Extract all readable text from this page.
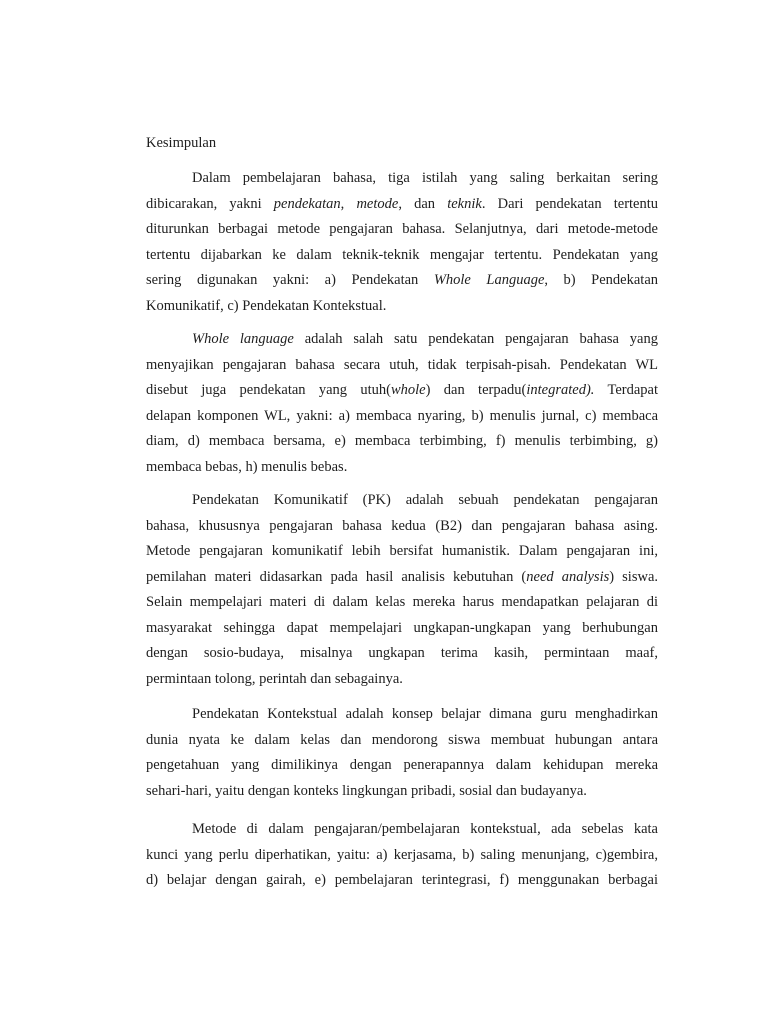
Kesimpulan
Dalam pembelajaran bahasa, tiga istilah yang saling berkaitan sering
dibicarakan, yakni pendekatan, metode, dan teknik. Dari pendekatan tertentu
diturunkan berbagai metode pengajaran bahasa. Selanjutnya, dari metode-metode
tertentu dijabarkan ke dalam teknik-teknik mengajar tertentu. Pendekatan yang
sering digunakan yakni: a) Pendekatan Whole Language, b) Pendekatan
Komunikatif, c) Pendekatan Kontekstual.
Whole language adalah salah satu pendekatan pengajaran bahasa yang
menyajikan pengajaran bahasa secara utuh, tidak terpisah-pisah. Pendekatan WL
disebut juga pendekatan yang utuh(whole) dan terpadu(integrated). Terdapat
delapan komponen WL, yakni: a) membaca nyaring, b) menulis jurnal, c) membaca
diam, d) membaca bersama, e) membaca terbimbing, f) menulis terbimbing, g)
membaca bebas, h) menulis bebas.
Pendekatan Komunikatif (PK) adalah sebuah pendekatan pengajaran
bahasa, khususnya pengajaran bahasa kedua (B2) dan pengajaran bahasa asing.
Metode pengajaran komunikatif lebih bersifat humanistik. Dalam pengajaran ini,
pemilahan materi didasarkan pada hasil analisis kebutuhan (need analysis) siswa.
Selain mempelajari materi di dalam kelas mereka harus mendapatkan pelajaran di
masyarakat sehingga dapat mempelajari ungkapan-ungkapan yang berhubungan
dengan sosio-budaya, misalnya ungkapan terima kasih, permintaan maaf,
permintaan tolong, perintah dan sebagainya.
Pendekatan Kontekstual adalah konsep belajar dimana guru menghadirkan
dunia nyata ke dalam kelas dan mendorong siswa membuat hubungan antara
pengetahuan yang dimilikinya dengan penerapannya dalam kehidupan mereka
sehari-hari, yaitu dengan konteks lingkungan pribadi, sosial dan budayanya.
Metode di dalam pengajaran/pembelajaran kontekstual, ada sebelas kata
kunci yang perlu diperhatikan, yaitu: a) kerjasama, b) saling menunjang, c)gembira,
d) belajar dengan gairah, e) pembelajaran terintegrasi, f) menggunakan berbagai
